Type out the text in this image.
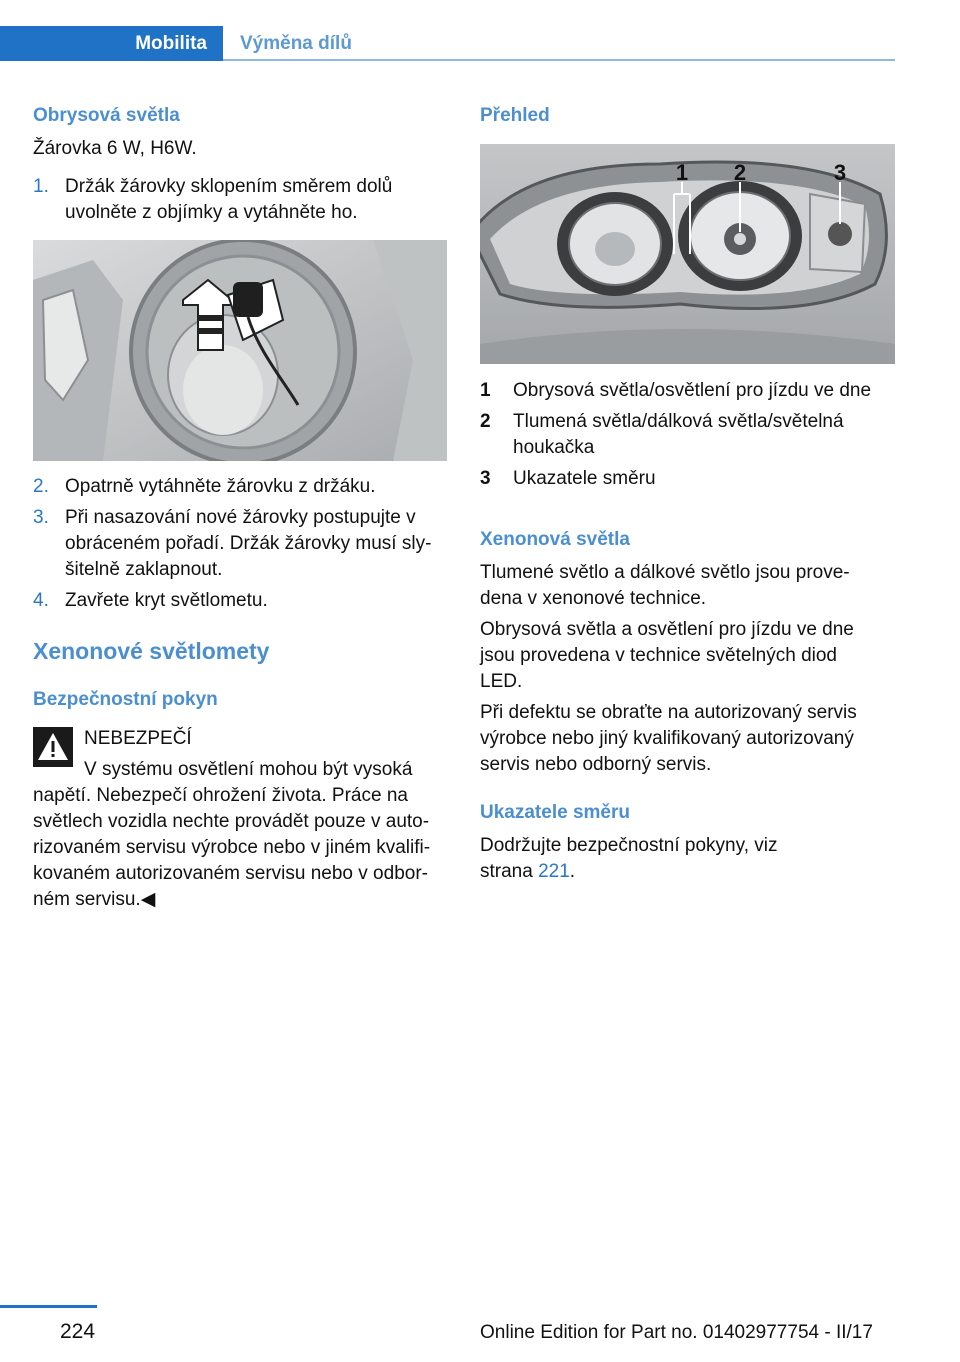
Mobilita	Výměna dílů
Obrysová světla
Žárovka 6 W, H6W.
1. Držák žárovky sklopením směrem dolů
uvolněte z objímky a vytáhněte ho.
2. Opatrně vytáhněte žárovku z držáku.
3. Při nasazování nové žárovky postupujte v
obráceném pořadí. Držák žárovky musí sly‐
šitelně zaklapnout.
4. Zavřete kryt světlometu.
Xenonové světlomety
Bezpečnostní pokyn
NEBEZPEČÍ
V systému osvětlení mohou být vysoká
napětí. Nebezpečí ohrožení života. Práce na
světlech vozidla nechte provádět pouze v auto‐
rizovaném servisu výrobce nebo v jiném kvalifi‐
kovaném autorizovaném servisu nebo v odbor‐
ném servisu.◀
Přehled
1 2	3
1 Obrysová světla/osvětlení pro jízdu ve dne
2 Tlumená světla/dálková světla/světelná
houkačka
3 Ukazatele směru
Xenonová světla
Tlumené světlo a dálkové světlo jsou prove‐
dena v xenonové technice.
Obrysová světla a osvětlení pro jízdu ve dne
jsou provedena v technice světelných diod
LED.
Při defektu se obraťte na autorizovaný servis
výrobce nebo jiný kvalifikovaný autorizovaný
servis nebo odborný servis.
Ukazatele směru
Dodržujte bezpečnostní pokyny, viz
strana 221.
224	Online Edition for Part no. 01402977754 - II/17
